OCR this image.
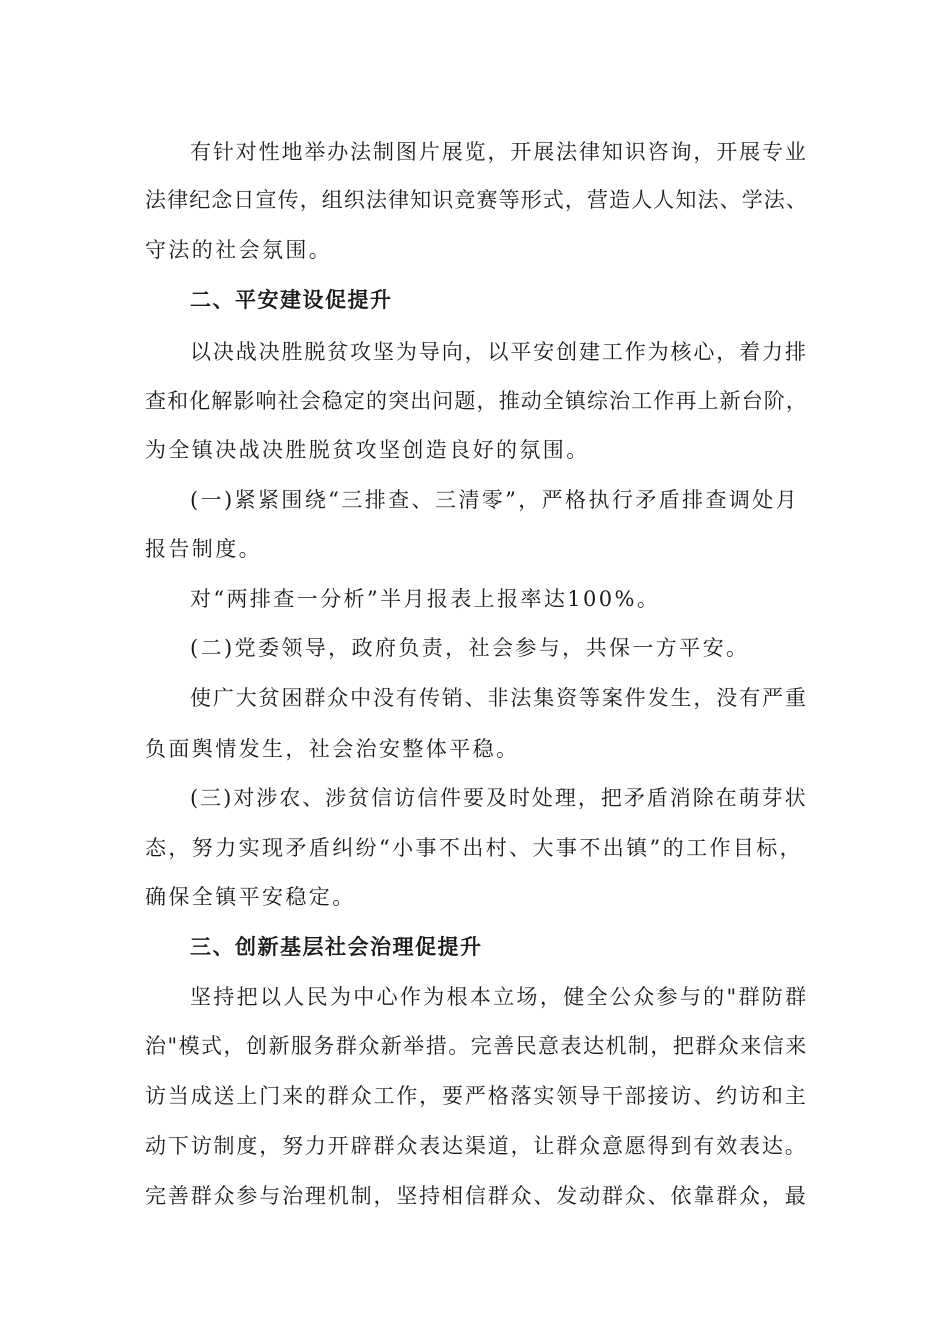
有针对性地举办法制图片展览，开展法律知识咨询，开展专业
法律纪念日宣传，组织法律知识竞赛等形式，营造人人知法、学法、
守法的社会氛围。
二、平安建设促提升
以决战决胜脱贫攻坚为导向，以平安创建工作为核心，着力排
查和化解影响社会稳定的突出问题，推动全镇综治工作再上新台阶，
为全镇决战决胜脱贫攻坚创造良好的氛围。
(一)紧紧围绕“三排查、三清零”，严格执行矛盾排查调处月
报告制度。
对“两排查一分析”半月报表上报率达100%。
(二)党委领导，政府负责，社会参与，共保一方平安。
使广大贫困群众中没有传销、非法集资等案件发生，没有严重
负面舆情发生，社会治安整体平稳。
(三)对涉农、涉贫信访信件要及时处理，把矛盾消除在萌芽状
态，努力实现矛盾纠纷“小事不出村、大事不出镇”的工作目标，
确保全镇平安稳定。
三、创新基层社会治理促提升
坚持把以人民为中心作为根本立场，健全公众参与的"群防群
治"模式，创新服务群众新举措。完善民意表达机制，把群众来信来
访当成送上门来的群众工作，要严格落实领导干部接访、约访和主
动下访制度，努力开辟群众表达渠道，让群众意愿得到有效表达。
完善群众参与治理机制，坚持相信群众、发动群众、依靠群众，最
